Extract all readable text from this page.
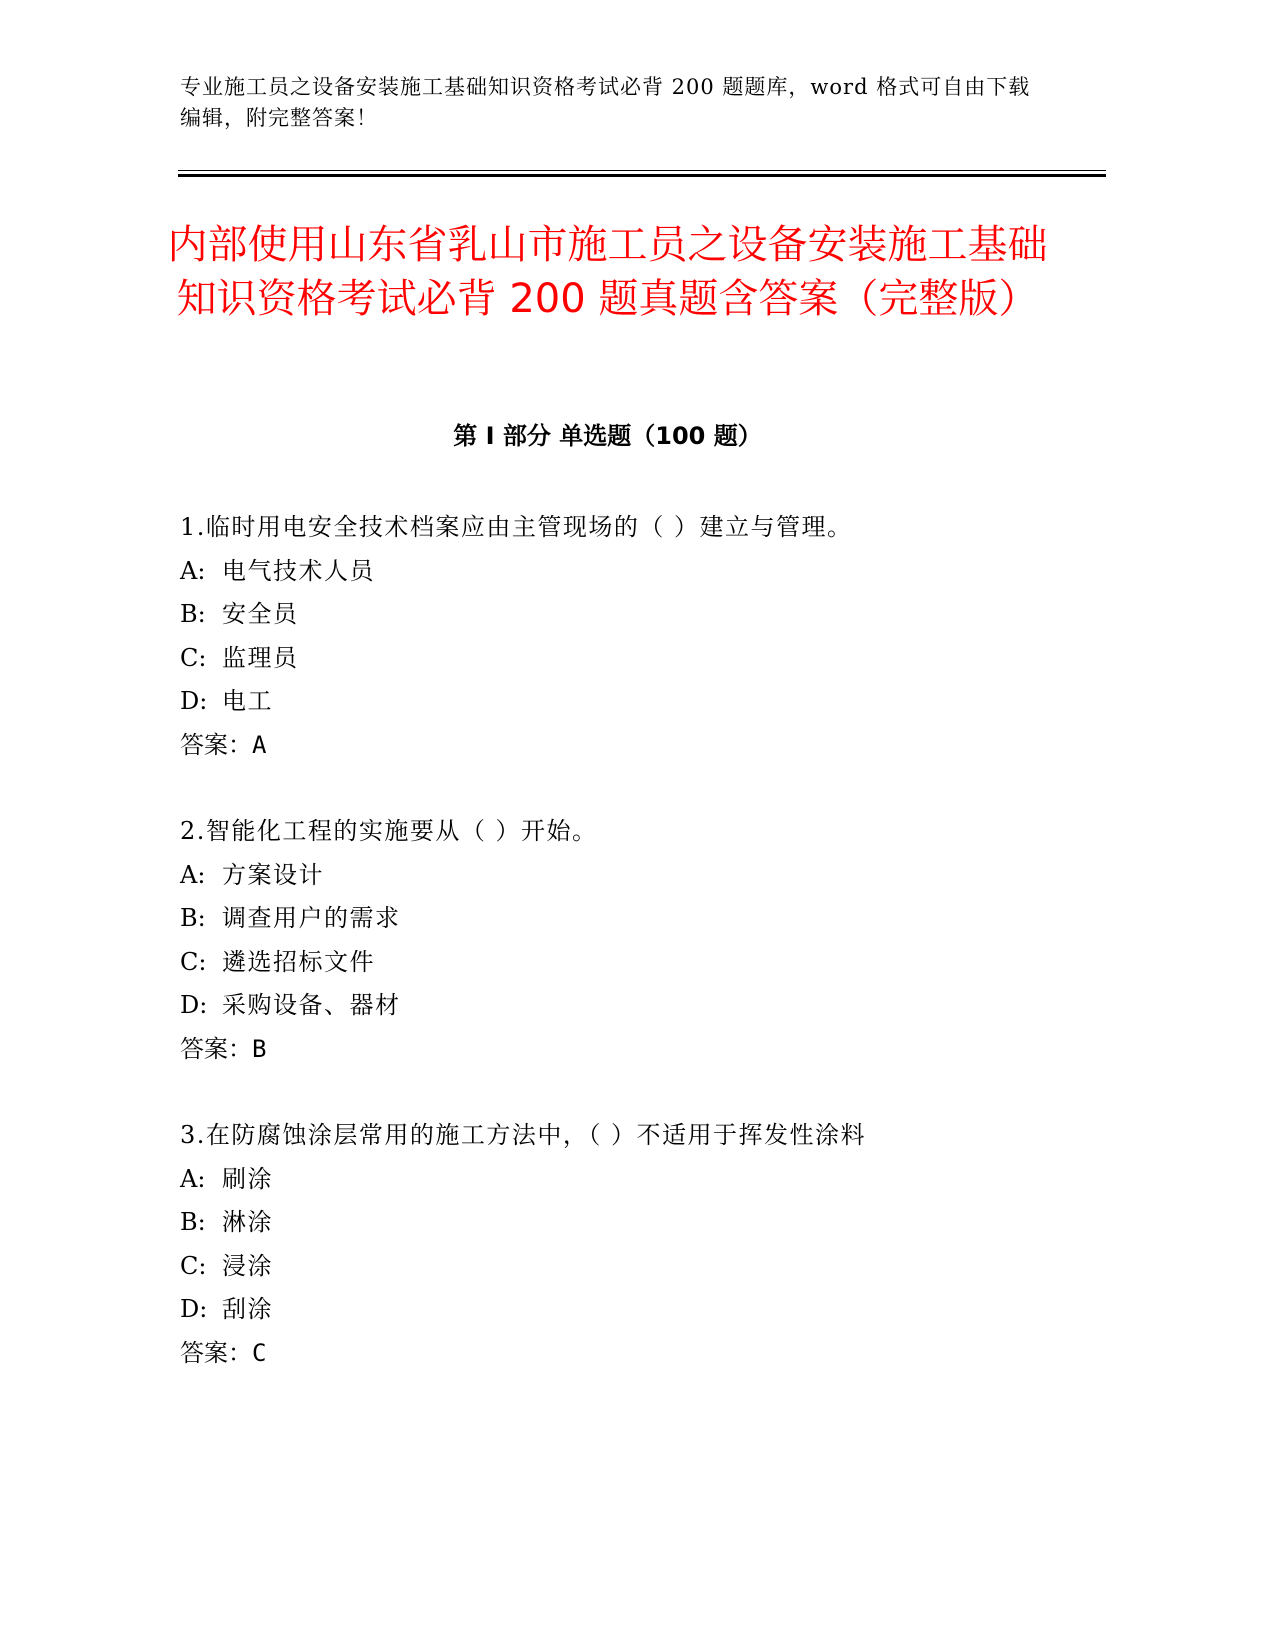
专业施工员之设备安装施工基础知识资格考试必背 200 题题库，word 格式可自由下载编辑，附完整答案！
内部使用山东省乳山市施工员之设备安装施工基础知识资格考试必背 200 题真题含答案（完整版）
第 I 部分 单选题（100 题）
1.临时用电安全技术档案应由主管现场的（ ）建立与管理。
A: 电气技术人员
B: 安全员
C: 监理员
D: 电工
答案：A
2.智能化工程的实施要从（ ）开始。
A: 方案设计
B: 调查用户的需求
C: 遴选招标文件
D: 采购设备、器材
答案：B
3.在防腐蚀涂层常用的施工方法中，（ ）不适用于挥发性涂料
A: 刷涂
B: 淋涂
C: 浸涂
D: 刮涂
答案：C
